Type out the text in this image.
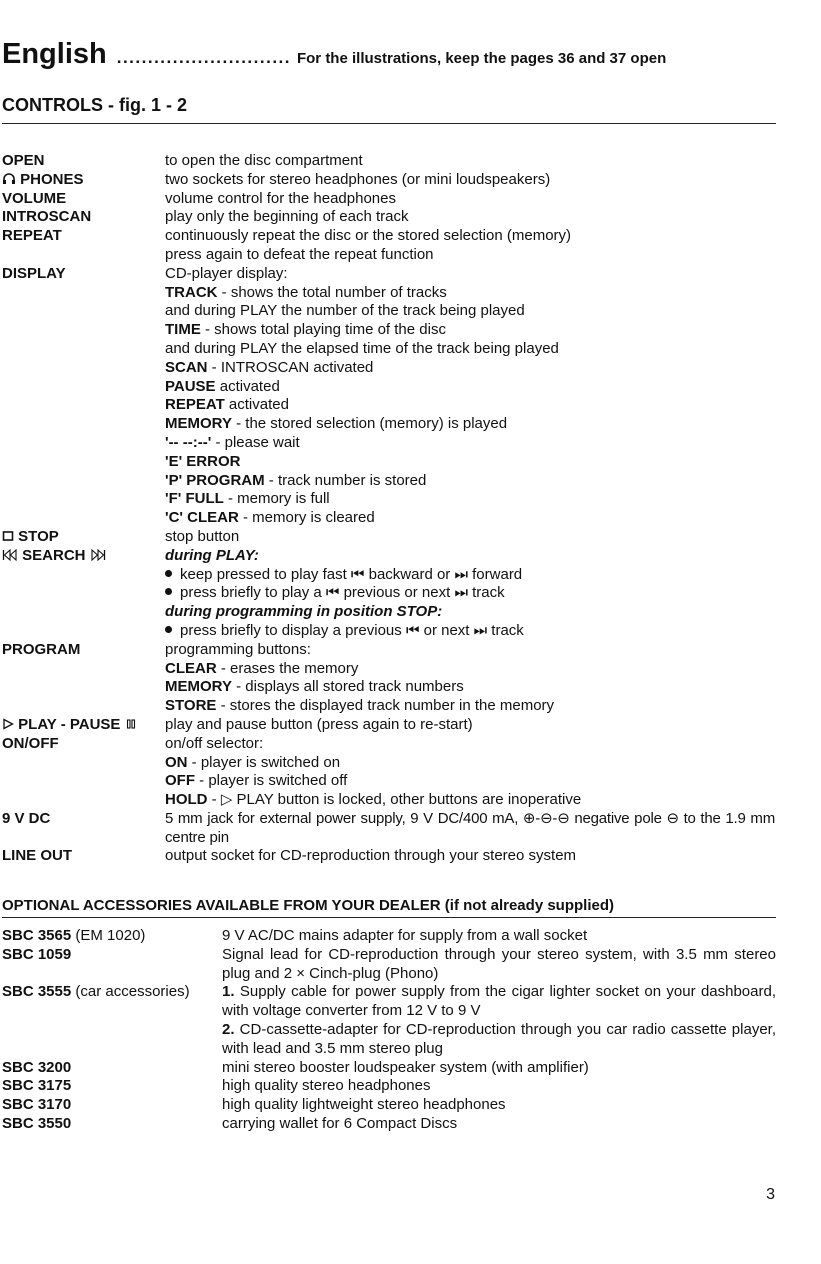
English ............................ For the illustrations, keep the pages 36 and 37 open
CONTROLS - fig. 1 - 2
OPEN	to open the disc compartment
PHONES	two sockets for stereo headphones (or mini loudspeakers)
VOLUME	volume control for the headphones
INTROSCAN	play only the beginning of each track
REPEAT	continuously repeat the disc or the stored selection (memory)
press again to defeat the repeat function
DISPLAY	CD-player display:
TRACK - shows the total number of tracks
and during PLAY the number of the track being played
TIME - shows total playing time of the disc
and during PLAY the elapsed time of the track being played
SCAN - INTROSCAN activated
PAUSE activated
REPEAT activated
MEMORY - the stored selection (memory) is played
'-- --:--' - please wait
'E' ERROR
'P' PROGRAM - track number is stored
'F' FULL - memory is full
'C' CLEAR - memory is cleared
STOP	stop button
SEARCH	during PLAY:
keep pressed to play fast ⏮ backward or ⏭ forward
press briefly to play a ⏮ previous or next ⏭ track
during programming in position STOP:
press briefly to display a previous ⏮ or next ⏭ track
PROGRAM	programming buttons:
CLEAR - erases the memory
MEMORY - displays all stored track numbers
STORE - stores the displayed track number in the memory
PLAY - PAUSE	play and pause button (press again to re-start)
ON/OFF	on/off selector:
ON - player is switched on
OFF - player is switched off
HOLD - ▷ PLAY button is locked, other buttons are inoperative
9 V DC	5 mm jack for external power supply, 9 V DC/400 mA, ⊕-⊖-⊖ negative pole ⊖ to the 1.9 mm centre pin
LINE OUT	output socket for CD-reproduction through your stereo system
OPTIONAL ACCESSORIES AVAILABLE FROM YOUR DEALER (if not already supplied)
SBC 3565 (EM 1020)	9 V AC/DC mains adapter for supply from a wall socket
SBC 1059	Signal lead for CD-reproduction through your stereo system, with 3.5 mm stereo plug and 2 × Cinch-plug (Phono)
SBC 3555 (car accessories) 1. Supply cable for power supply from the cigar lighter socket on your dashboard, with voltage converter from 12 V to 9 V
2. CD-cassette-adapter for CD-reproduction through you car radio cassette player, with lead and 3.5 mm stereo plug
SBC 3200	mini stereo booster loudspeaker system (with amplifier)
SBC 3175	high quality stereo headphones
SBC 3170	high quality lightweight stereo headphones
SBC 3550	carrying wallet for 6 Compact Discs
3
